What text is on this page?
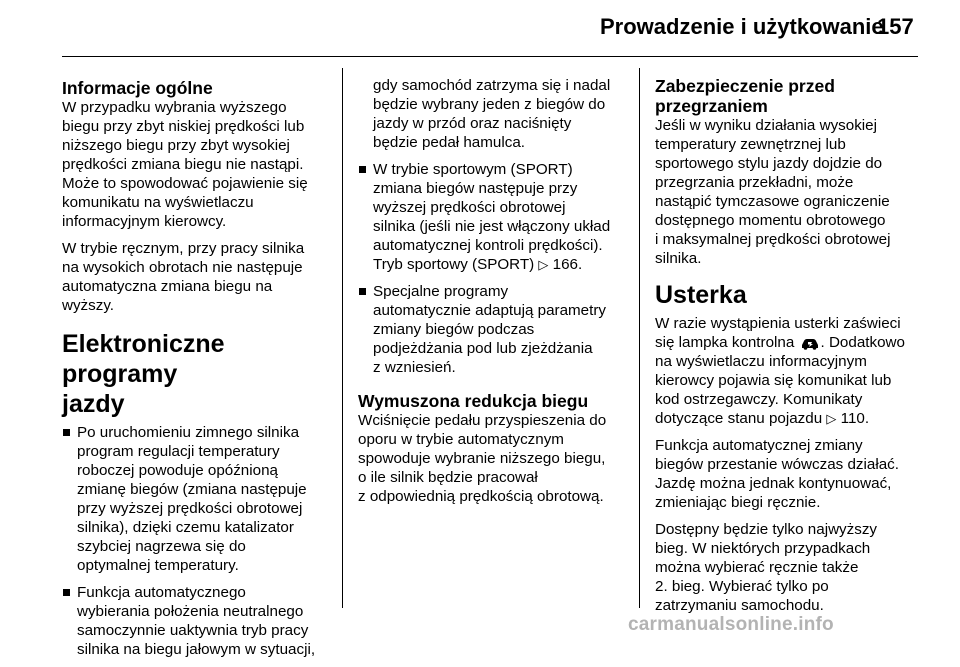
Prowadzenie i użytkowanie
157
Informacje ogólne

W przypadku wybrania wyższego
biegu przy zbyt niskiej prędkości lub
niższego biegu przy zbyt wysokiej
prędkości zmiana biegu nie nastąpi.
Może to spowodować pojawienie się
komunikatu na wyświetlaczu
informacyjnym kierowcy.

W trybie ręcznym, przy pracy silnika
na wysokich obrotach nie następuje
automatyczna zmiana biegu na
wyższy.

Elektroniczne programy
jazdy

Po uruchomieniu zimnego silnika
program regulacji temperatury
roboczej powoduje opóźnioną
zmianę biegów (zmiana następuje
przy wyższej prędkości obrotowej
silnika), dzięki czemu katalizator
szybciej nagrzewa się do
optymalnej temperatury.

Funkcja automatycznego
wybierania położenia neutralnego
samoczynnie uaktywnia tryb pracy
silnika na biegu jałowym w sytuacji,

gdy samochód zatrzyma się i nadal
będzie wybrany jeden z biegów do
jazdy w przód oraz naciśnięty
będzie pedał hamulca.

W trybie sportowym (SPORT)
zmiana biegów następuje przy
wyższej prędkości obrotowej
silnika (jeśli nie jest włączony układ
automatycznej kontroli prędkości).
Tryb sportowy (SPORT) ▷ 166.

Specjalne programy
automatycznie adaptują parametry
zmiany biegów podczas
podjeżdżania pod lub zjeżdżania
z wzniesień.

Wymuszona redukcja biegu

Wciśnięcie pedału przyspieszenia do
oporu w trybie automatycznym
spowoduje wybranie niższego biegu,
o ile silnik będzie pracował
z odpowiednią prędkością obrotową.

Zabezpieczenie przed
przegrzaniem

Jeśli w wyniku działania wysokiej
temperatury zewnętrznej lub
sportowego stylu jazdy dojdzie do
przegrzania przekładni, może
nastąpić tymczasowe ograniczenie
dostępnego momentu obrotowego
i maksymalnej prędkości obrotowej
silnika.

Usterka

W razie wystąpienia usterki zaświeci
się lampka kontrolna . Dodatkowo
na wyświetlaczu informacyjnym
kierowcy pojawia się komunikat lub
kod ostrzegawczy. Komunikaty
dotyczące stanu pojazdu ▷ 110.

Funkcja automatycznej zmiany
biegów przestanie wówczas działać.
Jazdę można jednak kontynuować,
zmieniając biegi ręcznie.

Dostępny będzie tylko najwyższy
bieg. W niektórych przypadkach
można wybierać ręcznie także
2. bieg. Wybierać tylko po
zatrzymaniu samochodu.

carmanualsonline.info
